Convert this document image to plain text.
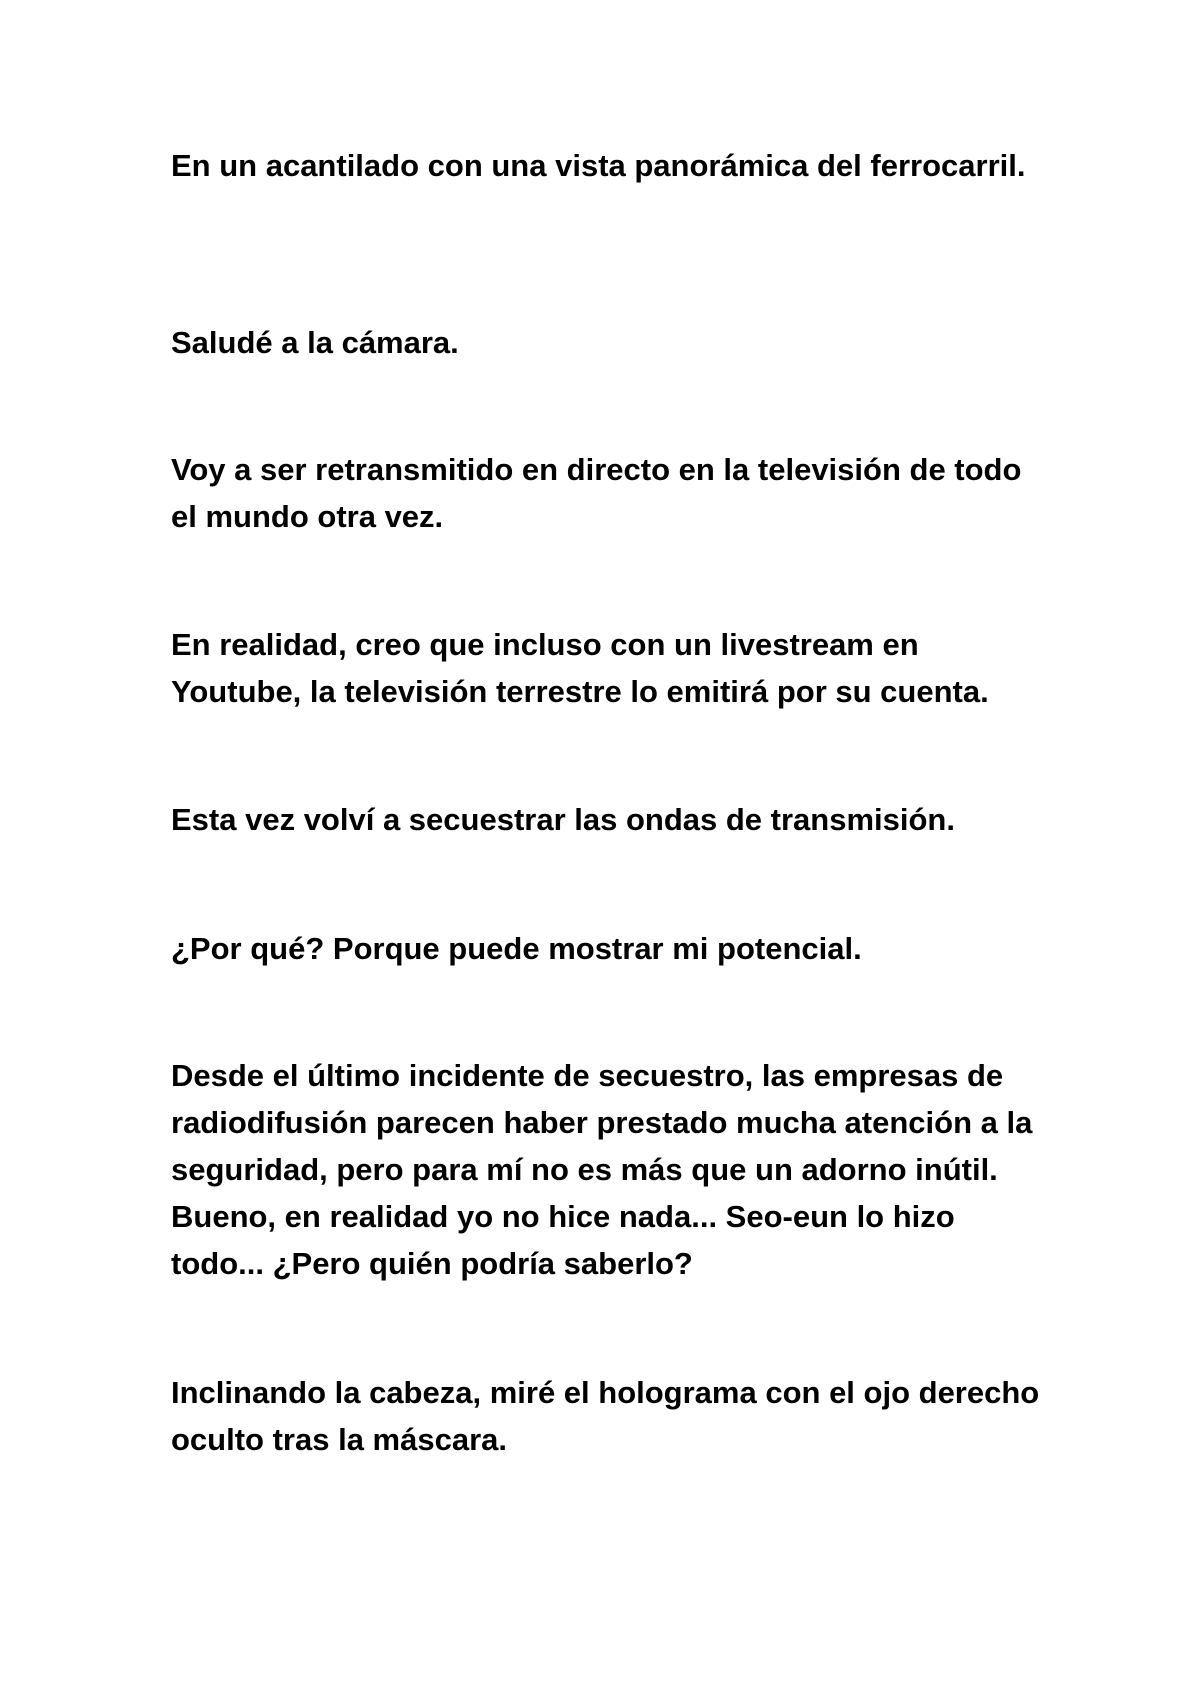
En un acantilado con una vista panorámica del ferrocarril.

Saludé a la cámara.

Voy a ser retransmitido en directo en la televisión de todo el mundo otra vez.

En realidad, creo que incluso con un livestream en Youtube, la televisión terrestre lo emitirá por su cuenta.

Esta vez volví a secuestrar las ondas de transmisión.

¿Por qué? Porque puede mostrar mi potencial.

Desde el último incidente de secuestro, las empresas de radiodifusión parecen haber prestado mucha atención a la seguridad, pero para mí no es más que un adorno inútil. Bueno, en realidad yo no hice nada... Seo-eun lo hizo todo... ¿Pero quién podría saberlo?

Inclinando la cabeza, miré el holograma con el ojo derecho oculto tras la máscara.
